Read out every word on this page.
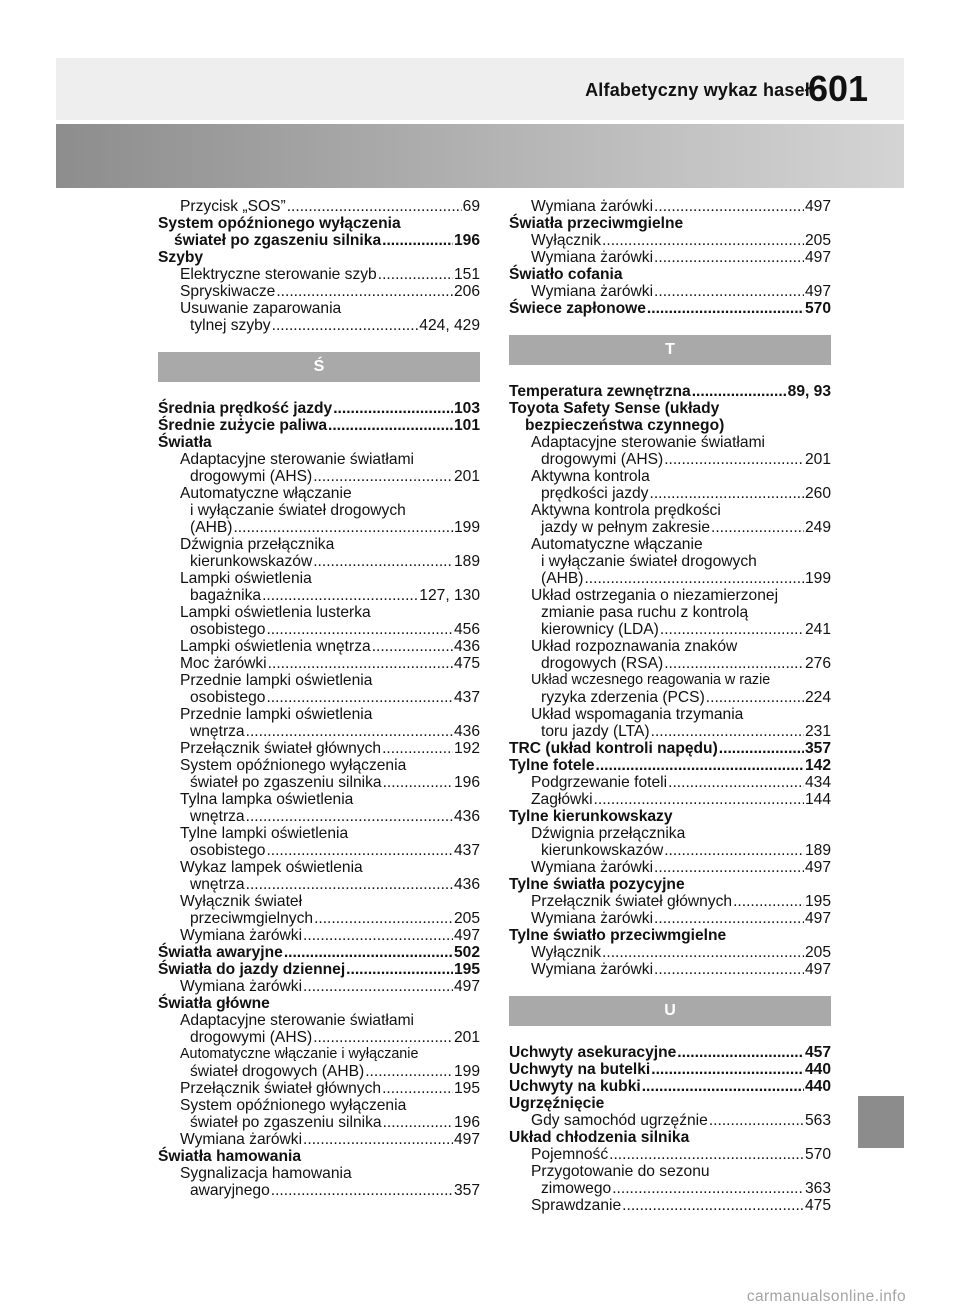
Alfabetyczny wykaz haseł
601
Przycisk „SOS” .....	69
System opóźnionego wyłączenia
świateł po zgaszeniu silnika .....	196
Szyby
Elektryczne sterowanie szyb .....	151
Spryskiwacze .....	206
Usuwanie zaparowania
tylnej szyby .....	424, 429
Ś
Średnia prędkość jazdy .....	103
Średnie zużycie paliwa .....	101
Światła
Adaptacyjne sterowanie światłami
drogowymi (AHS) .....	201
Automatyczne włączanie
i wyłączanie świateł drogowych
(AHB) .....	199
Dźwignia przełącznika
kierunkowskazów .....	189
Lampki oświetlenia
bagażnika .....	127, 130
Lampki oświetlenia lusterka
osobistego .....	456
Lampki oświetlenia wnętrza .....	436
Moc żarówki .....	475
Przednie lampki oświetlenia
osobistego .....	437
Przednie lampki oświetlenia
wnętrza .....	436
Przełącznik świateł głównych .....	192
System opóźnionego wyłączenia
świateł po zgaszeniu silnika .....	196
Tylna lampka oświetlenia
wnętrza .....	436
Tylne lampki oświetlenia
osobistego .....	437
Wykaz lampek oświetlenia
wnętrza .....	436
Wyłącznik świateł
przeciwmgielnych .....	205
Wymiana żarówki .....	497
Światła awaryjne .....	502
Światła do jazdy dziennej .....	195
Wymiana żarówki .....	497
Światła główne
Adaptacyjne sterowanie światłami
drogowymi (AHS) .....	201
Automatyczne włączanie i wyłączanie
świateł drogowych (AHB) .....	199
Przełącznik świateł głównych .....	195
System opóźnionego wyłączenia
świateł po zgaszeniu silnika .....	196
Wymiana żarówki .....	497
Światła hamowania
Sygnalizacja hamowania
awaryjnego .....	357
Wymiana żarówki .....	497
Światła przeciwmgielne
Wyłącznik .....	205
Wymiana żarówki .....	497
Światło cofania
Wymiana żarówki .....	497
Świece zapłonowe .....	570
T
Temperatura zewnętrzna .....	89, 93
Toyota Safety Sense (układy
bezpieczeństwa czynnego)
Adaptacyjne sterowanie światłami
drogowymi (AHS) .....	201
Aktywna kontrola
prędkości jazdy .....	260
Aktywna kontrola prędkości
jazdy w pełnym zakresie .....	249
Automatyczne włączanie
i wyłączanie świateł drogowych
(AHB) .....	199
Układ ostrzegania o niezamierzonej
zmianie pasa ruchu z kontrolą
kierownicy (LDA) .....	241
Układ rozpoznawania znaków
drogowych (RSA) .....	276
Układ wczesnego reagowania w razie
ryzyka zderzenia (PCS) .....	224
Układ wspomagania trzymania
toru jazdy (LTA) .....	231
TRC (układ kontroli napędu) .....	357
Tylne fotele .....	142
Podgrzewanie foteli .....	434
Zagłówki .....	144
Tylne kierunkowskazy
Dźwignia przełącznika
kierunkowskazów .....	189
Wymiana żarówki .....	497
Tylne światła pozycyjne
Przełącznik świateł głównych .....	195
Wymiana żarówki .....	497
Tylne światło przeciwmgielne
Wyłącznik .....	205
Wymiana żarówki .....	497
U
Uchwyty asekuracyjne .....	457
Uchwyty na butelki .....	440
Uchwyty na kubki .....	440
Ugrzęźnięcie
Gdy samochód ugrzęźnie .....	563
Układ chłodzenia silnika
Pojemność .....	570
Przygotowanie do sezonu
zimowego .....	363
Sprawdzanie .....	475
carmanualsonline.info
